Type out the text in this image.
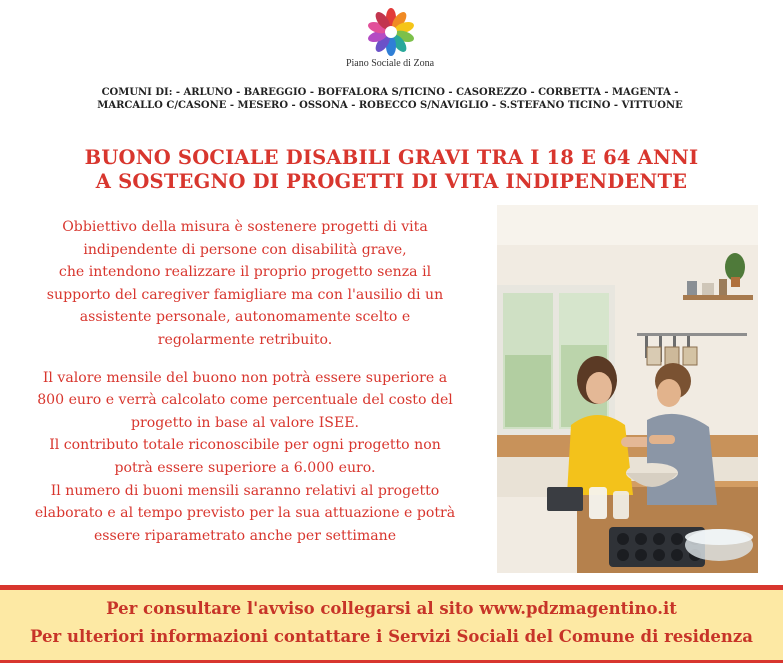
Piano Sociale di Zona
COMUNI DI: - ARLUNO - BAREGGIO - BOFFALORA S/TICINO - CASOREZZO - CORBETTA - MAGENTA -
MARCALLO C/CASONE - MESERO - OSSONA - ROBECCO S/NAVIGLIO - S.STEFANO TICINO - VITTUONE
BUONO SOCIALE DISABILI GRAVI TRA I 18 E 64 ANNI
A SOSTEGNO DI PROGETTI DI VITA INDIPENDENTE
Obbiettivo della misura è sostenere progetti di vita
indipendente di persone con disabilità grave,
che intendono realizzare il proprio progetto senza il
supporto del caregiver famigliare ma con l'ausilio di un
assistente personale, autonomamente scelto e
regolarmente retribuito.
Il valore mensile del buono non potrà essere superiore a
800 euro e verrà calcolato come percentuale del costo del
progetto in base al valore ISEE.
Il contributo totale riconoscibile per ogni progetto non
potrà essere superiore a 6.000 euro.
Il numero di buoni mensili saranno relativi al progetto
elaborato e al tempo previsto per la sua attuazione e potrà
essere riparametrato anche per settimane
Per consultare l'avviso collegarsi al sito www.pdzmagentino.it
Per ulteriori informazioni contattare i Servizi Sociali del Comune di residenza
